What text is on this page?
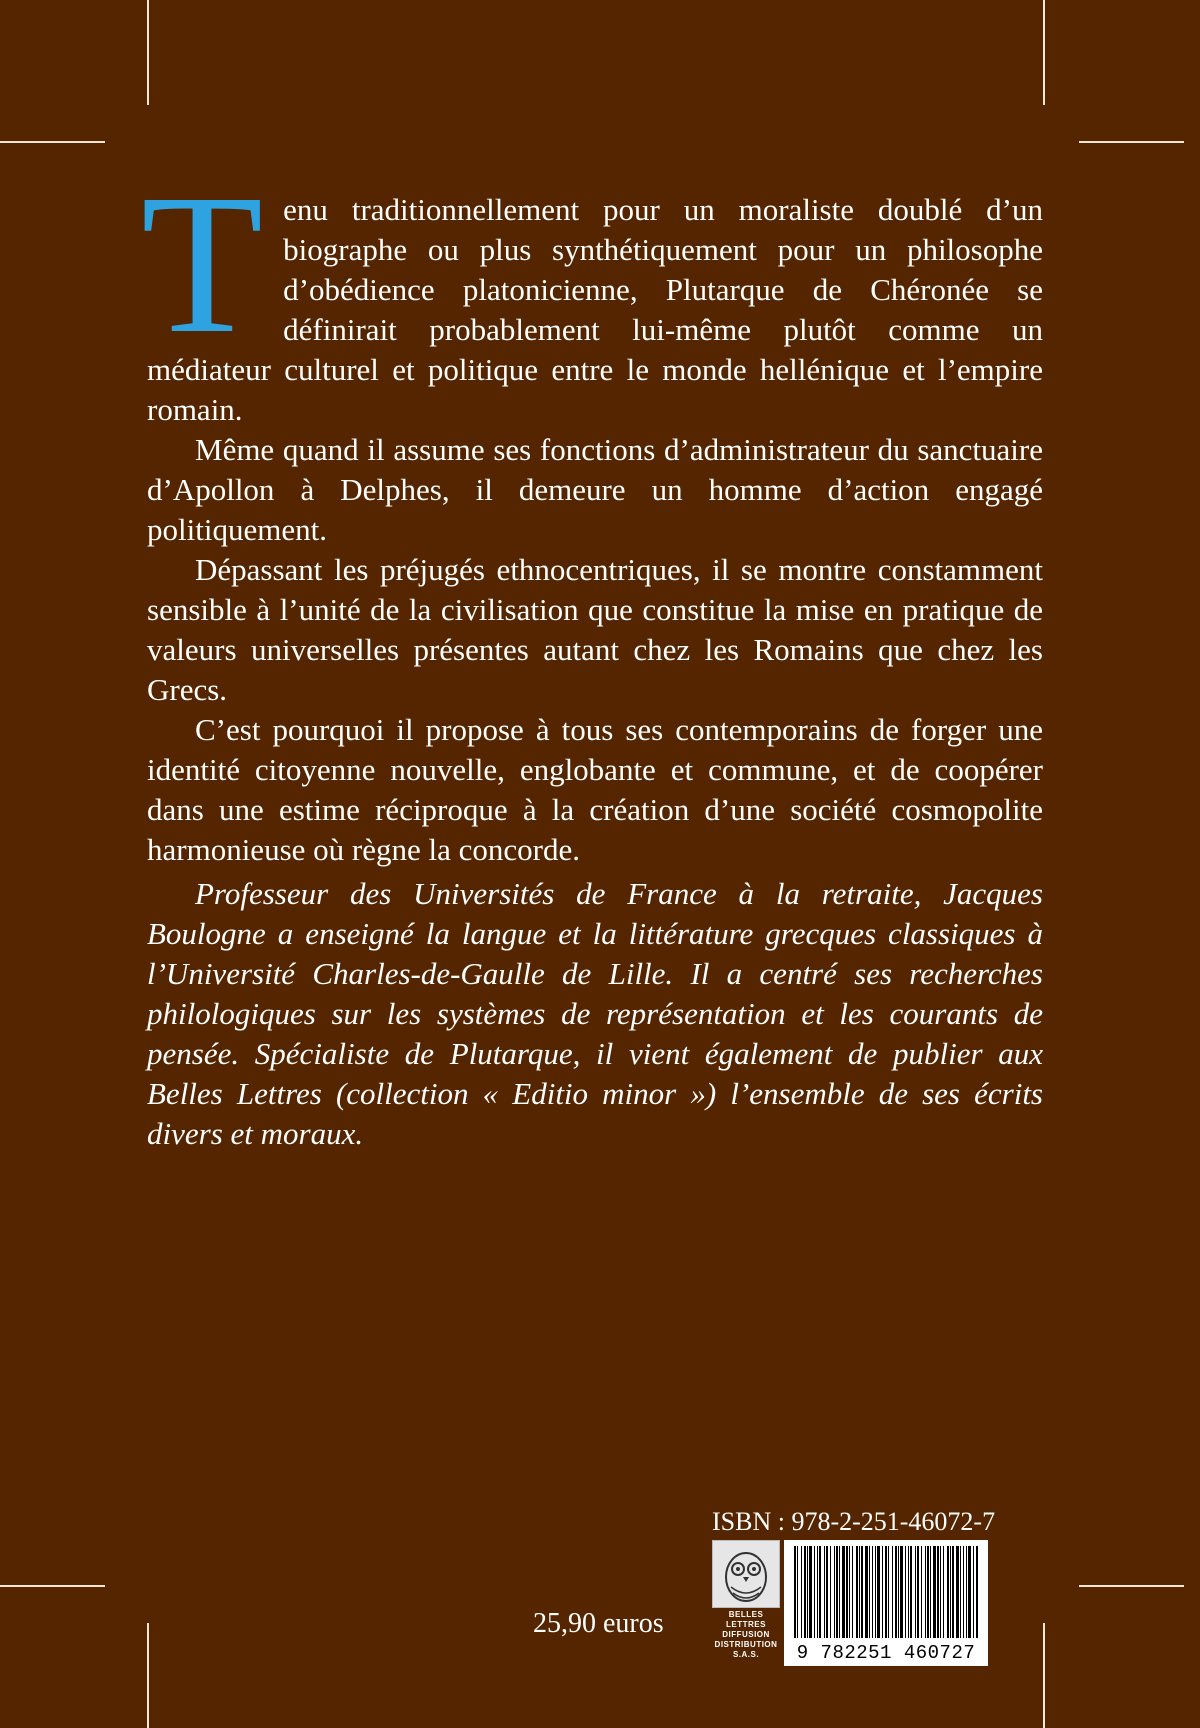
Tenu traditionnellement pour un moraliste doublé d’un biographe ou plus synthétiquement pour un philosophe d’obédience platonicienne, Plutarque de Chéronée se définirait probablement lui-même plutôt comme un médiateur culturel et politique entre le monde hellénique et l’empire romain.

Même quand il assume ses fonctions d’administrateur du sanctuaire d’Apollon à Delphes, il demeure un homme d’action engagé politiquement.

Dépassant les préjugés ethnocentriques, il se montre constamment sensible à l’unité de la civilisation que constitue la mise en pratique de valeurs universelles présentes autant chez les Romains que chez les Grecs.

C’est pourquoi il propose à tous ses contemporains de forger une identité citoyenne nouvelle, englobante et commune, et de coopérer dans une estime réciproque à la création d’une société cosmopolite harmonieuse où règne la concorde.

Professeur des Universités de France à la retraite, Jacques Boulogne a enseigné la langue et la littérature grecques classiques à l’Université Charles-de-Gaulle de Lille. Il a centré ses recherches philologiques sur les systèmes de représentation et les courants de pensée. Spécialiste de Plutarque, il vient également de publier aux Belles Lettres (collection « Editio minor ») l’ensemble de ses écrits divers et moraux.

ISBN : 978-2-251-46072-7
25,90 euros	BELLES LETTRES
DIFFUSION
DISTRIBUTION
S.A.S.	9 782251 460727
